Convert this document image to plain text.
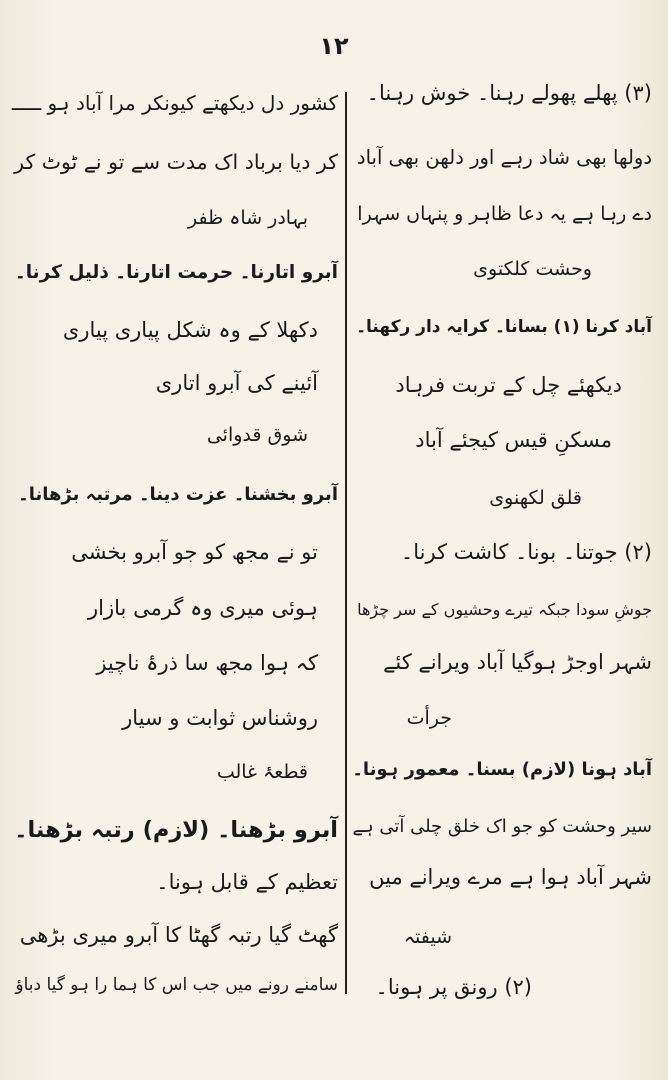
۱۲
(۳) پھلے پھولے رہنا۔ خوش رہنا۔
دولھا بھی شاد رہے اور دلھن بھی آباد
دے رہا ہے یہ دعا ظاہر و پنہاں سہرا
وحشت کلکتوی
آباد کرنا (۱) بسانا۔ کرایہ دار رکھنا۔
دیکھئے چل کے تربت فرہاد
مسکنِ قیس کیجئے آباد
قلق لکھنوی
(۲) جوتنا۔ بونا۔ کاشت کرنا۔
جوشِ سودا جبکہ تیرے وحشیوں کے سر چڑھا
شہر اوجڑ ہوگیا آباد ویرانے کئے
جرأت
آباد ہونا (لازم) بسنا۔ معمور ہونا۔
سیر وحشت کو جو اک خلق چلی آتی ہے
شہر آباد ہوا ہے مرے ویرانے میں
شیفتہ
(۲) رونق پر ہونا۔
کشور دل دیکھتے کیونکر مرا آباد ہو ـــــ
کر دیا برباد اک مدت سے تو نے ٹوٹ کر
بہادر شاہ ظفر
آبرو اتارنا۔ حرمت اتارنا۔ ذلیل کرنا۔
دکھلا کے وہ شکل پیاری پیاری
آئینے کی آبرو اتاری
شوق قدوائی
آبرو بخشنا۔ عزت دینا۔ مرتبہ بڑھانا۔
تو نے مجھ کو جو آبرو بخشی
ہوئی میری وہ گرمی بازار
کہ ہوا مجھ سا ذرۂ ناچیز
روشناس ثوابت و سیار
قطعۂ غالب
آبرو بڑھنا۔ (لازم) رتبہ بڑھنا۔
تعظیم کے قابل ہونا۔
گھٹ گیا رتبہ گھٹا کا آبرو میری بڑھی
سامنے رونے میں جب اس کا ہما را ہو گیا دباؤ
